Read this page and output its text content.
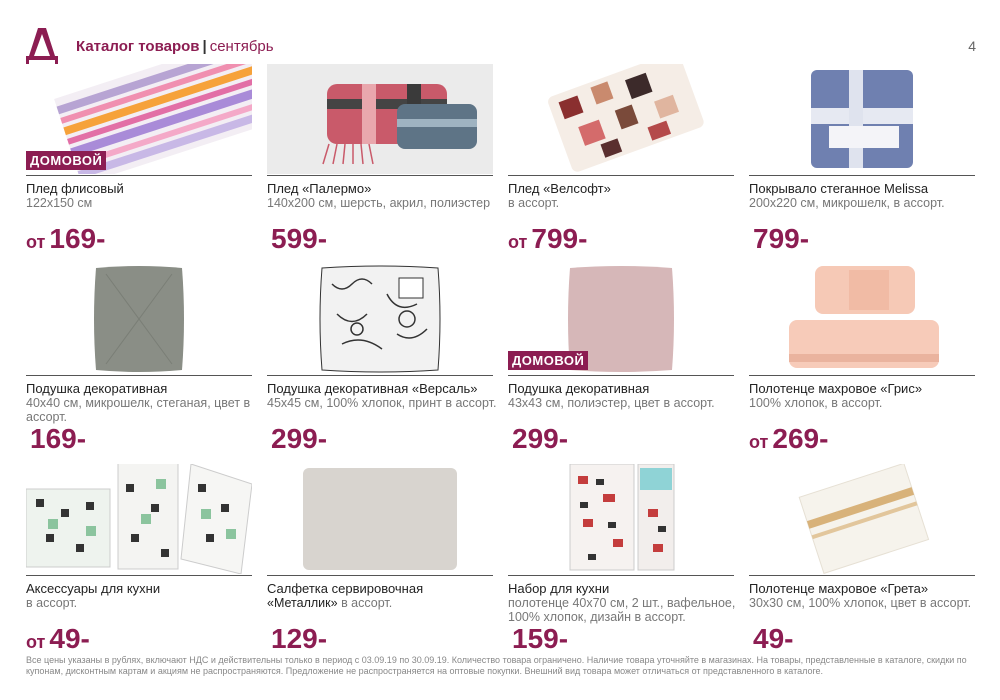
Каталог товаров | сентябрь	4
ДОМОВОЙ
Плед флисовый
122х150 см
от 169-
Плед «Палермо»
140х200 см, шерсть, акрил, полиэстер
599-
Плед «Велсофт»
в ассорт.
от 799-
Покрывало стеганное Melissa
200х220 см, микрошелк, в ассорт.
799-
Подушка декоративная
40х40 см, микрошелк, стеганая, цвет в ассорт.
169-
Подушка декоративная «Версаль»
45х45 см, 100% хлопок, принт в ассорт.
299-
ДОМОВОЙ
Подушка декоративная
43х43 см, полиэстер, цвет в ассорт.
299-
Полотенце махровое «Грис»
100% хлопок, в ассорт.
от 269-
Аксессуары для кухни
в ассорт.
от 49-
Салфетка сервировочная
«Металлик» в ассорт.
129-
Набор для кухни
полотенце 40х70 см, 2 шт., вафельное, 100% хлопок, дизайн в ассорт.
159-
Полотенце махровое «Грета»
30х30 см, 100% хлопок, цвет в ассорт.
49-
Все цены указаны в рублях, включают НДС и действительны только в период с 03.09.19 по 30.09.19. Количество товара ограничено. Наличие товара уточняйте в магазинах. На товары, представленные в каталоге, скидки по купонам, дисконтным картам и акциям не распространяются. Предложение не распространяется на оптовые покупки. Внешний вид товара может отличаться от представленного в каталоге.
